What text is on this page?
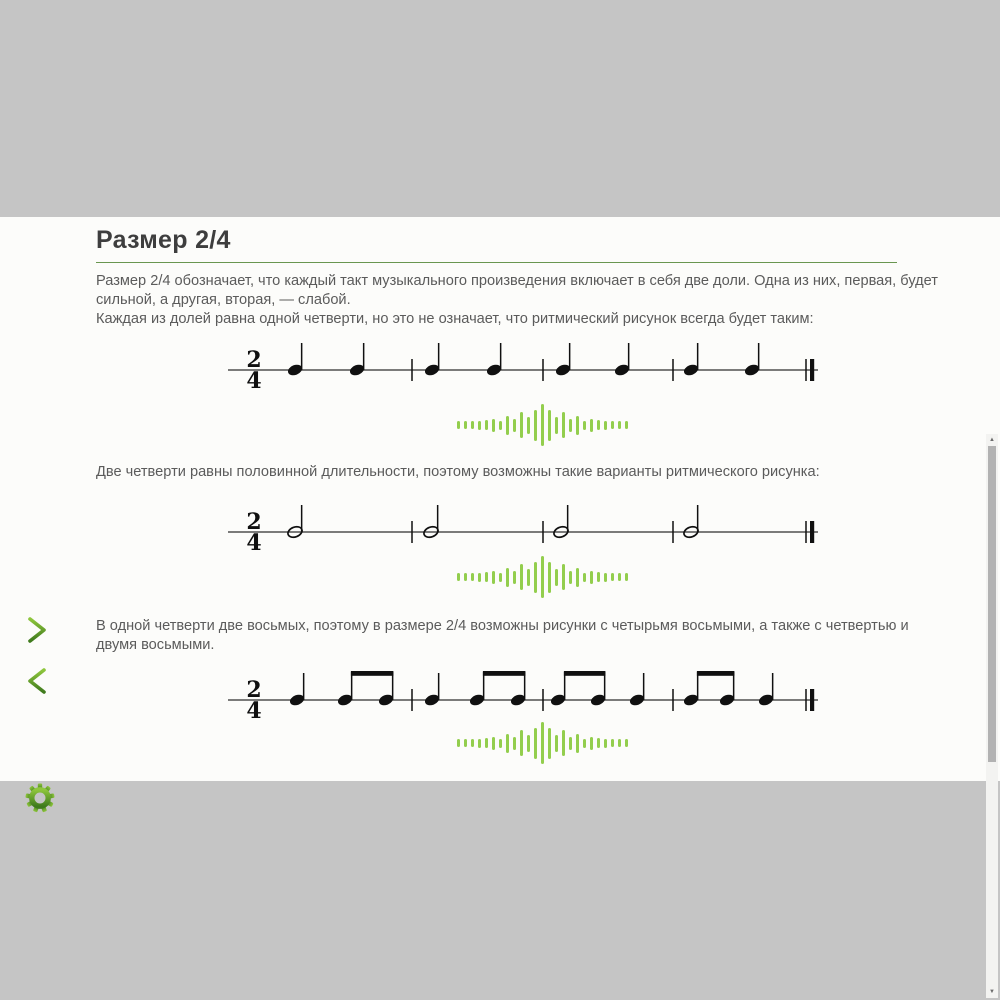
▲
▼
Размер 2/4

Размер 2/4 обозначает, что каждый такт музыкального произведения включает в себя две доли. Одна из них, первая, будет сильной, а другая, вторая, — слабой.
Каждая из долей равна одной четверти, но это не означает, что ритмический рисунок всегда будет таким:

Две четверти равны половинной длительности, поэтому возможны такие варианты ритмического рисунка:

В одной четверти две восьмых, поэтому в размере 2/4 возможны рисунки с четырьмя восьмыми, а также с четвертью и двумя восьмыми.

2
4
2
4
2
4
